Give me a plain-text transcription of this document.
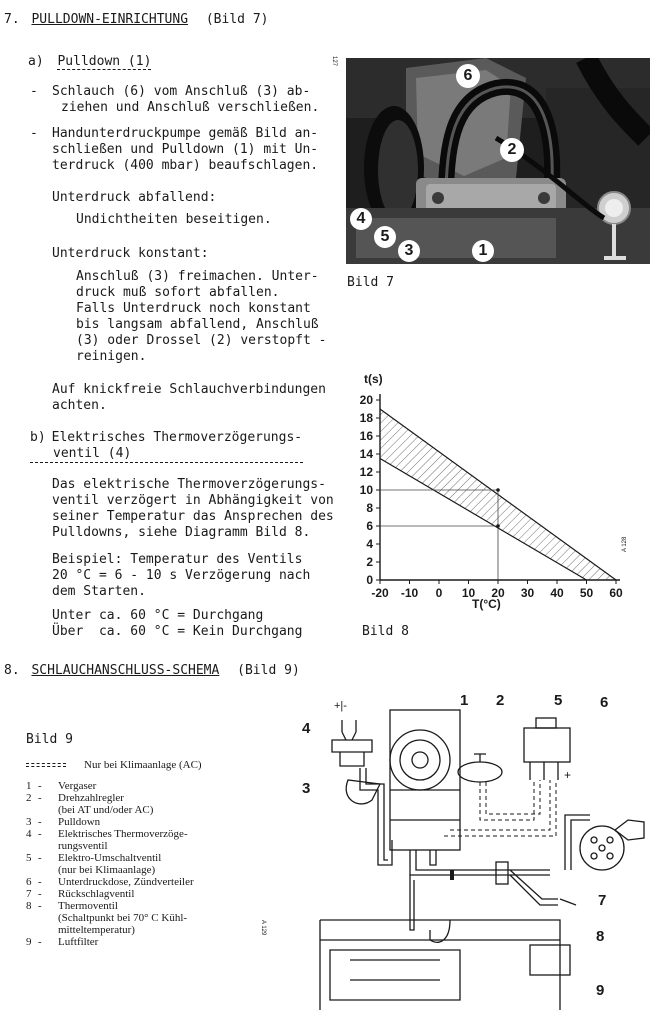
7. PULLDOWN-EINRICHTUNG (Bild 7)
a) Pulldown (1)
- Schlauch (6) vom Anschluß (3) ab-
ziehen und Anschluß verschließen.
- Handunterdruckpumpe gemäß Bild an-
schließen und Pulldown (1) mit Un-
terdruck (400 mbar) beaufschlagen.
Unterdruck abfallend:
Undichtheiten beseitigen.
Unterdruck konstant:
Anschluß (3) freimachen. Unter-
druck muß sofort abfallen.
Falls Unterdruck noch konstant
bis langsam abfallend, Anschluß
(3) oder Drossel (2) verstopft -
reinigen.
Auf knickfreie Schlauchverbindungen
achten.
b) Elektrisches Thermoverzögerungs-
ventil (4)
Das elektrische Thermoverzögerungs-
ventil verzögert in Abhängigkeit von
seiner Temperatur das Ansprechen des
Pulldowns, siehe Diagramm Bild 8.
Beispiel: Temperatur des Ventils
20 °C = 6 - 10 s Verzögerung nach
dem Starten.
Unter ca. 60 °C = Durchgang
Über  ca. 60 °C = Kein Durchgang
6
2
4
5
3	1
127
Bild 7
0
2
4
6
8
10
12
14
16
18
20
-20 -10 0 10 20 30 40 50 60
t(s)
T(°C)
A 128
Bild 8
8. SCHLAUCHANSCHLUSS-SCHEMA (Bild 9)
Bild 9
Nur bei Klimaanlage (AC)
1 - Vergaser
2 - Drehzahlregler
(bei AT und/oder AC)
3 - Pulldown
4 - Elektrisches Thermoverzöge-
rungsventil
5 - Elektro-Umschaltventil
(nur bei Klimaanlage)
6 - Unterdruckdose, Zündverteiler
7 - Rückschlagventil
8 - Thermoventil
(Schaltpunkt bei 70° C Kühl-
mitteltemperatur)
9 - Luftfilter
1 2
4
5	6
3
7
8
9
+|-
+
A 129
